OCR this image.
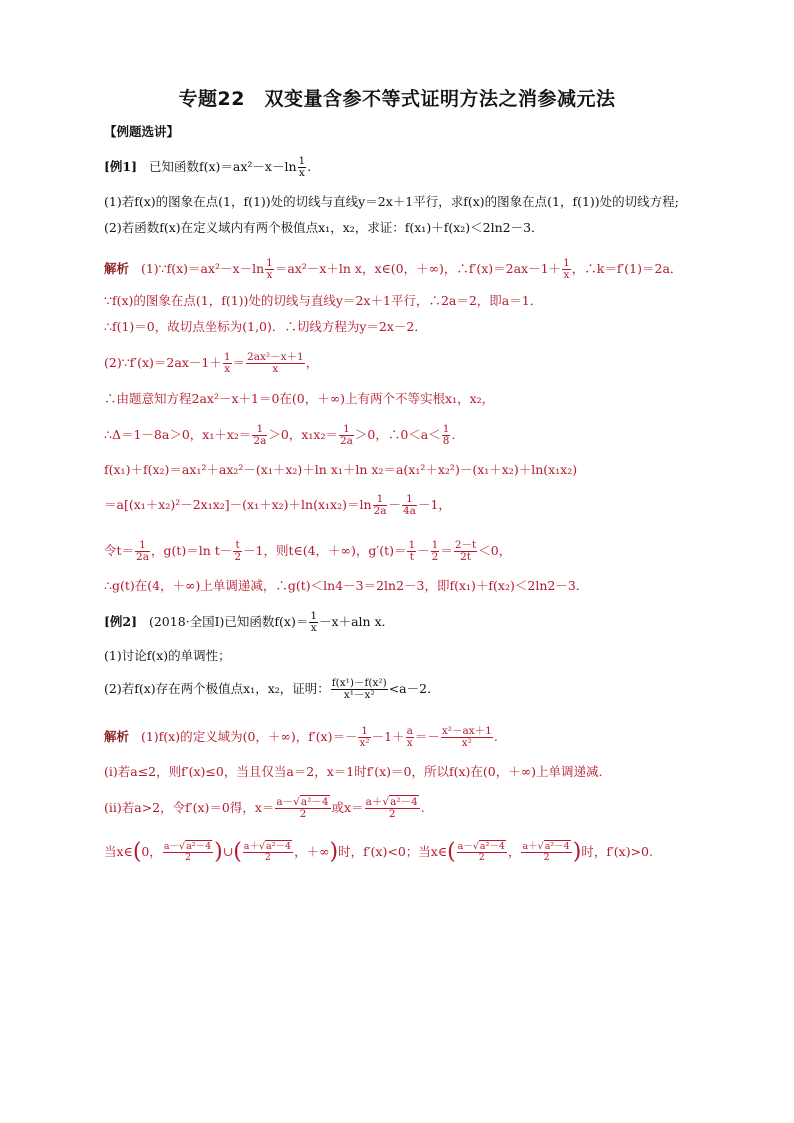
专题22　双变量含参不等式证明方法之消参减元法
【例题选讲】
[例1] 已知函数$f(x)=ax^2-x-\ln \frac{1}{x}$ .
(1)若f(x)的图象在点(1，f(1))处的切线与直线y＝2x＋1平行，求f(x)的图象在点(1，f(1))处的切线方程;
(2)若函数f(x)在定义域内有两个极值点x₁，x₂，求证：f(x₁)＋f(x₂)＜2ln2－3．
解析 (1)∵f(x)＝ax²－x－ln $\frac{1}{x} =ax^2-x+\ln$ x，x∈(0，＋∞)，∴f′(x)＝2ax－1＋ $\frac{1}{x}$ ，∴k＝f′(1)＝2a．
∵f(x)的图象在点(1，f(1))处的切线与直线y＝2x＋1平行，∴2a＝2，即a＝1．
∴f(1)＝0，故切点坐标为(1,0)．∴切线方程为y＝2x－2．
(2)∵f′(x)＝2ax－1＋ $\frac{1}{x} = \frac{\text{2ax²－x＋1}}{x}$ ，
∴由题意知方程2ax²－x＋1＝0在(0，＋∞)上有两个不等实根x₁，x₂，
∴Δ＝1－8a＞0，$x_1+x_2= \frac{1}{2a} >0$，$x_1x_2= \frac{1}{2a} >0$，∴0＜a＜ $\frac{1}{8}$ .
f(x₁)＋f(x₂)＝ax₁²＋ax₂²－(x₁＋x₂)＋ln x₁＋ln x₂＝a(x₁²＋x₂²)－(x₁＋x₂)＋ln(x₁x₂)
$=a[(x_1+x_2)^2-2x_1x_2]-(x_1+x_2)+\ln(x_1x_2)=\ln \frac{1}{2a} - \frac{1}{4a} -1$，
令$t= \frac{1}{2a}$ ，g(t)＝ln $t- \frac{t}{2} -1$，则t∈(4，＋∞)，$g'(t)= \frac{1}{t} - \frac{1}{2} = \frac{2-t}{2t} <0$，
∴g(t)在(4，＋∞)上单调递减，∴g(t)＜ln4－3＝2ln2－3，即f(x₁)＋f(x₂)＜2ln2－3．
[例2] (2018·全国Ⅰ)已知函数$f(x)= \frac{1}{x} -x+aln$ x．
(1)讨论f(x)的单调性；
(2)若f(x)存在两个极值点x₁，x₂，证明： $\frac{\text{f(x¹)－f(x²)}}{\text{x¹－x²}} <a-2$．
解析 (1)f(x)的定义域为(0，＋∞)，$f'(x)=- \frac{1}{\text{x²}} -1+ \frac{a}{x} =- \frac{\text{x²－ax＋1}}{\text{x²}}$ .
(ⅰ)若a≤2，则f′(x)≤0，当且仅当a＝2，x＝1时f′(x)＝0，所以f(x)在(0，＋∞)上单调递减.
(ⅱ)若a>2，令f′(x)＝0得，$x= \frac{\text{a－√a²－4}}{2}$ 或$x= \frac{\text{a＋√a²－4}}{2}$ .
当x∈(0， $\frac{\text{a－√a²－4}}{2}$ )∪( $\frac{\text{a＋√a²－4}}{2}$ ，＋∞)时，f′(x)<0；当x∈( $\frac{\text{a－√a²－4}}{2}$ ， $\frac{\text{a＋√a²－4}}{2}$ )时，f′(x)>0.
